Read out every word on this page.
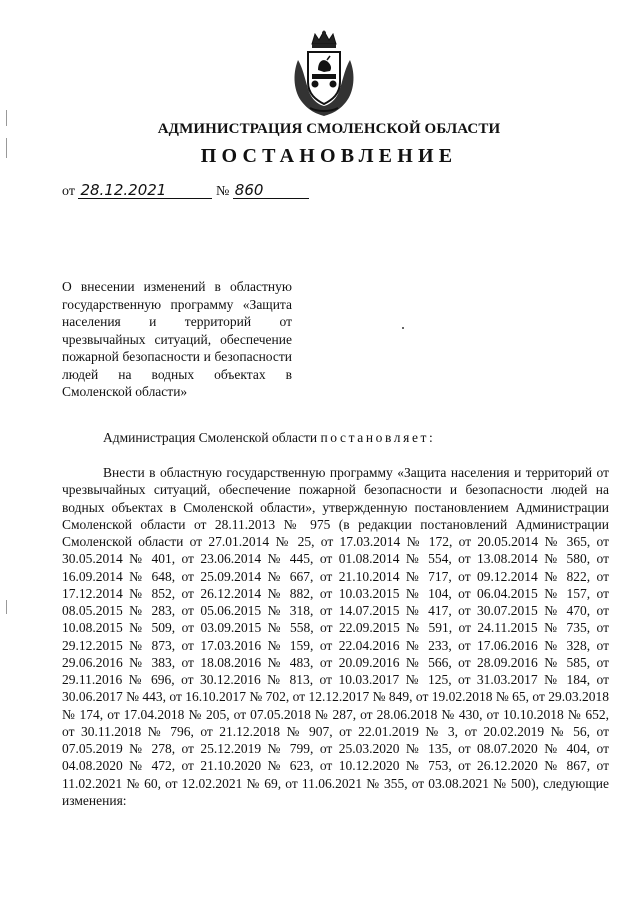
АДМИНИСТРАЦИЯ СМОЛЕНСКОЙ ОБЛАСТИ
ПОСТАНОВЛЕНИЕ
от 28.12.2021	№ 860
О внесении изменений в областную государственную программу «Защита населения и территорий от чрезвычайных ситуаций, обеспечение пожарной безопасности и безопасности людей на водных объектах в Смоленской области»
Администрация Смоленской области постановляет:

Внести в областную государственную программу «Защита населения и территорий от чрезвычайных ситуаций, обеспечение пожарной безопасности и безопасности людей на водных объектах в Смоленской области», утвержденную постановлением Администрации Смоленской области от 28.11.2013 № 975 (в редакции постановлений Администрации Смоленской области от 27.01.2014 № 25, от 17.03.2014 № 172, от 20.05.2014 № 365, от 30.05.2014 № 401, от 23.06.2014 № 445, от 01.08.2014 № 554, от 13.08.2014 № 580, от 16.09.2014 № 648, от 25.09.2014 № 667, от 21.10.2014 № 717, от 09.12.2014 № 822, от 17.12.2014 № 852, от 26.12.2014 № 882, от 10.03.2015 № 104, от 06.04.2015 № 157, от 08.05.2015 № 283, от 05.06.2015 № 318, от 14.07.2015 № 417, от 30.07.2015 № 470, от 10.08.2015 № 509, от 03.09.2015 № 558, от 22.09.2015 № 591, от 24.11.2015 № 735, от 29.12.2015 № 873, от 17.03.2016 № 159, от 22.04.2016 № 233, от 17.06.2016 № 328, от 29.06.2016 № 383, от 18.08.2016 № 483, от 20.09.2016 № 566, от 28.09.2016 № 585, от 29.11.2016 № 696, от 30.12.2016 № 813, от 10.03.2017 № 125, от 31.03.2017 № 184, от 30.06.2017 № 443, от 16.10.2017 № 702, от 12.12.2017 № 849, от 19.02.2018 № 65, от 29.03.2018 № 174, от 17.04.2018 № 205, от 07.05.2018 № 287, от 28.06.2018 № 430, от 10.10.2018 № 652, от 30.11.2018 № 796, от 21.12.2018 № 907, от 22.01.2019 № 3, от 20.02.2019 № 56, от 07.05.2019 № 278, от 25.12.2019 № 799, от 25.03.2020 № 135, от 08.07.2020 № 404, от 04.08.2020 № 472, от 21.10.2020 № 623, от 10.12.2020 № 753, от 26.12.2020 № 867, от 11.02.2021 № 60, от 12.02.2021 № 69, от 11.06.2021 № 355, от 03.08.2021 № 500), следующие изменения:
